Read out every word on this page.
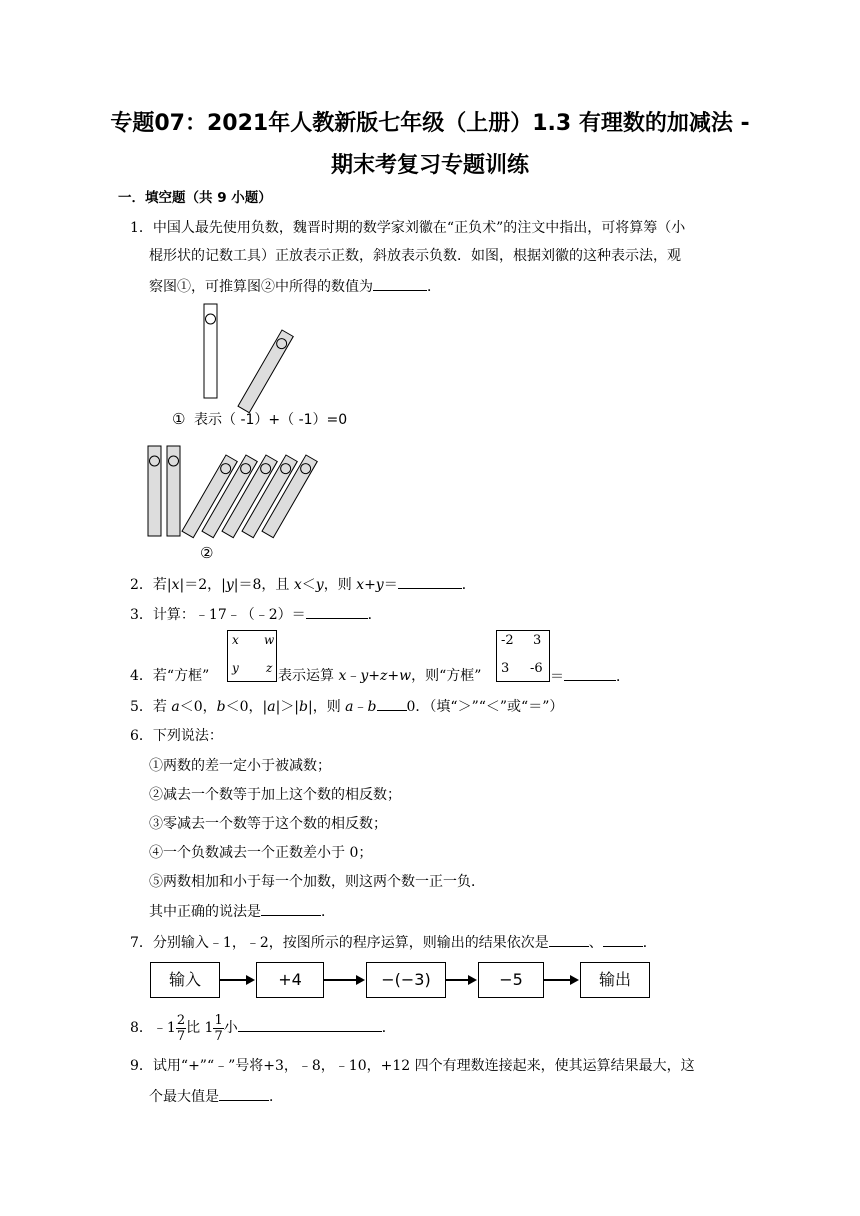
专题07：2021年人教新版七年级（上册）1.3 有理数的加减法 -
期末考复习专题训练
一．填空题（共 9 小题）
1．中国人最先使用负数，魏晋时期的数学家刘徽在“正负术”的注文中指出，可将算筹（小
棍形状的记数工具）正放表示正数，斜放表示负数．如图，根据刘徽的这种表示法，观
察图①，可推算图②中所得的数值为	．
① 表示（ -1）+（ -1）=0
②
2．若|x|＝2，|y|＝8，且 x＜y，则 x+y＝	．
3．计算：﹣17﹣（﹣2）＝	．
4．若“方框”
x w
y z 表示运算 x﹣y+z+w，则“方框”
-2 3
3 -6
＝	．
5．若 a＜0，b＜0，|a|＞|b|，则 a﹣b 0．（填“＞”“＜”或“＝”）
6．下列说法：
①两数的差一定小于被减数；
②减去一个数等于加上这个数的相反数；
③零减去一个数等于这个数的相反数；
④一个负数减去一个正数差小于 0；
⑤两数相加和小于每一个加数，则这两个数一正一负．
其中正确的说法是	．
7．分别输入﹣1，﹣2，按图所示的程序运算，则输出的结果依次是	、	．
输入	+4	−(−3)	−5	输出
8．﹣1 $\frac{2}{7}$ 比 $1 \frac{1}{7}$ 小	．
9．试用“+”“﹣”号将+3，﹣8，﹣10，+12 四个有理数连接起来，使其运算结果最大，这
个最大值是	．
